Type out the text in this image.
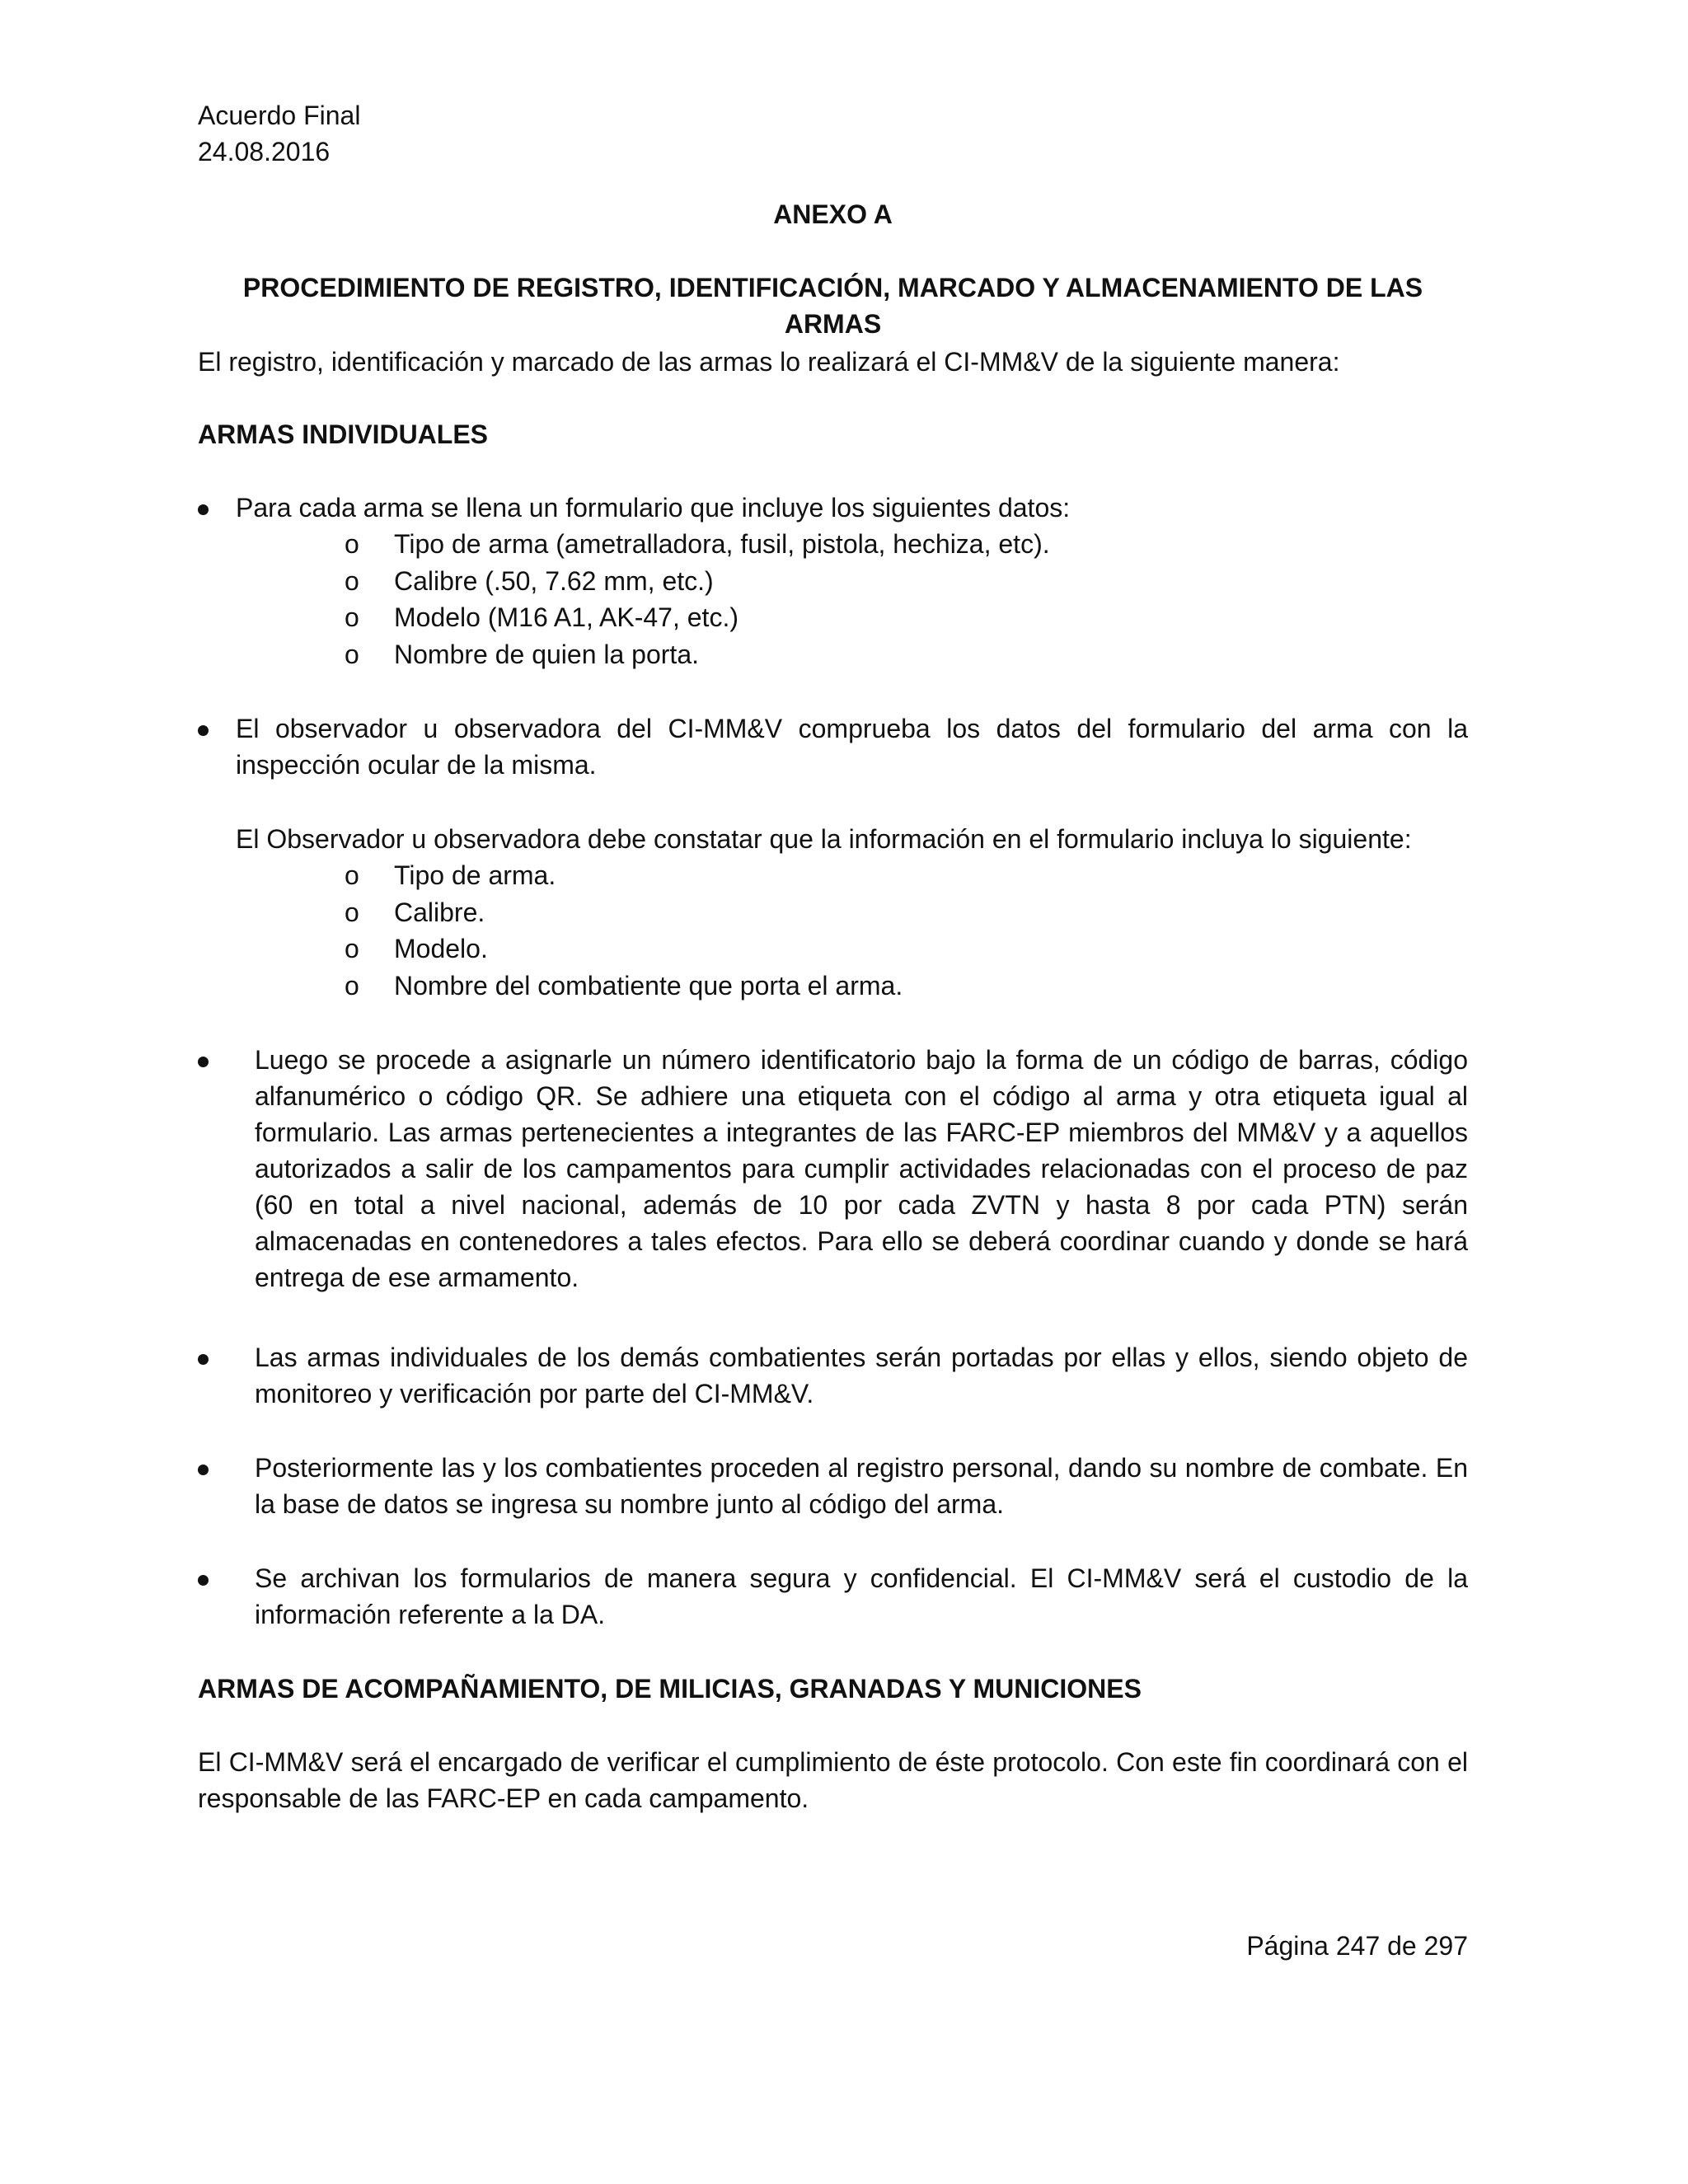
Acuerdo Final
24.08.2016
ANEXO A
PROCEDIMIENTO DE REGISTRO, IDENTIFICACIÓN, MARCADO Y ALMACENAMIENTO DE LAS ARMAS
El registro, identificación y marcado de las armas lo realizará el CI-MM&V de la siguiente manera:
ARMAS INDIVIDUALES
Para cada arma se llena un formulario que incluye los siguientes datos:
o Tipo de arma (ametralladora, fusil, pistola, hechiza, etc).
o Calibre (.50, 7.62 mm, etc.)
o Modelo (M16 A1, AK-47, etc.)
o Nombre de quien la porta.
El observador u observadora del CI-MM&V comprueba los datos del formulario del arma con la inspección ocular de la misma.
El Observador u observadora debe constatar que la información en el formulario incluya lo siguiente:
o Tipo de arma.
o Calibre.
o Modelo.
o Nombre del combatiente que porta el arma.
Luego se procede a asignarle un número identificatorio bajo la forma de un código de barras, código alfanumérico o código QR. Se adhiere una etiqueta con el código al arma y otra etiqueta igual al formulario. Las armas pertenecientes a integrantes de las FARC-EP miembros del MM&V y a aquellos autorizados a salir de los campamentos para cumplir actividades relacionadas con el proceso de paz (60 en total a nivel nacional, además de 10 por cada ZVTN y hasta 8 por cada PTN) serán almacenadas en contenedores a tales efectos. Para ello se deberá coordinar cuando y donde se hará entrega de ese armamento.
Las armas individuales de los demás combatientes serán portadas por ellas y ellos, siendo objeto de monitoreo y verificación por parte del CI-MM&V.
Posteriormente las y los combatientes proceden al registro personal, dando su nombre de combate. En la base de datos se ingresa su nombre junto al código del arma.
Se archivan los formularios de manera segura y confidencial. El CI-MM&V será el custodio de la información referente a la DA.
ARMAS DE ACOMPAÑAMIENTO, DE MILICIAS, GRANADAS Y MUNICIONES
El CI-MM&V será el encargado de verificar el cumplimiento de éste protocolo. Con este fin coordinará con el responsable de las FARC-EP en cada campamento.
Página 247 de 297
